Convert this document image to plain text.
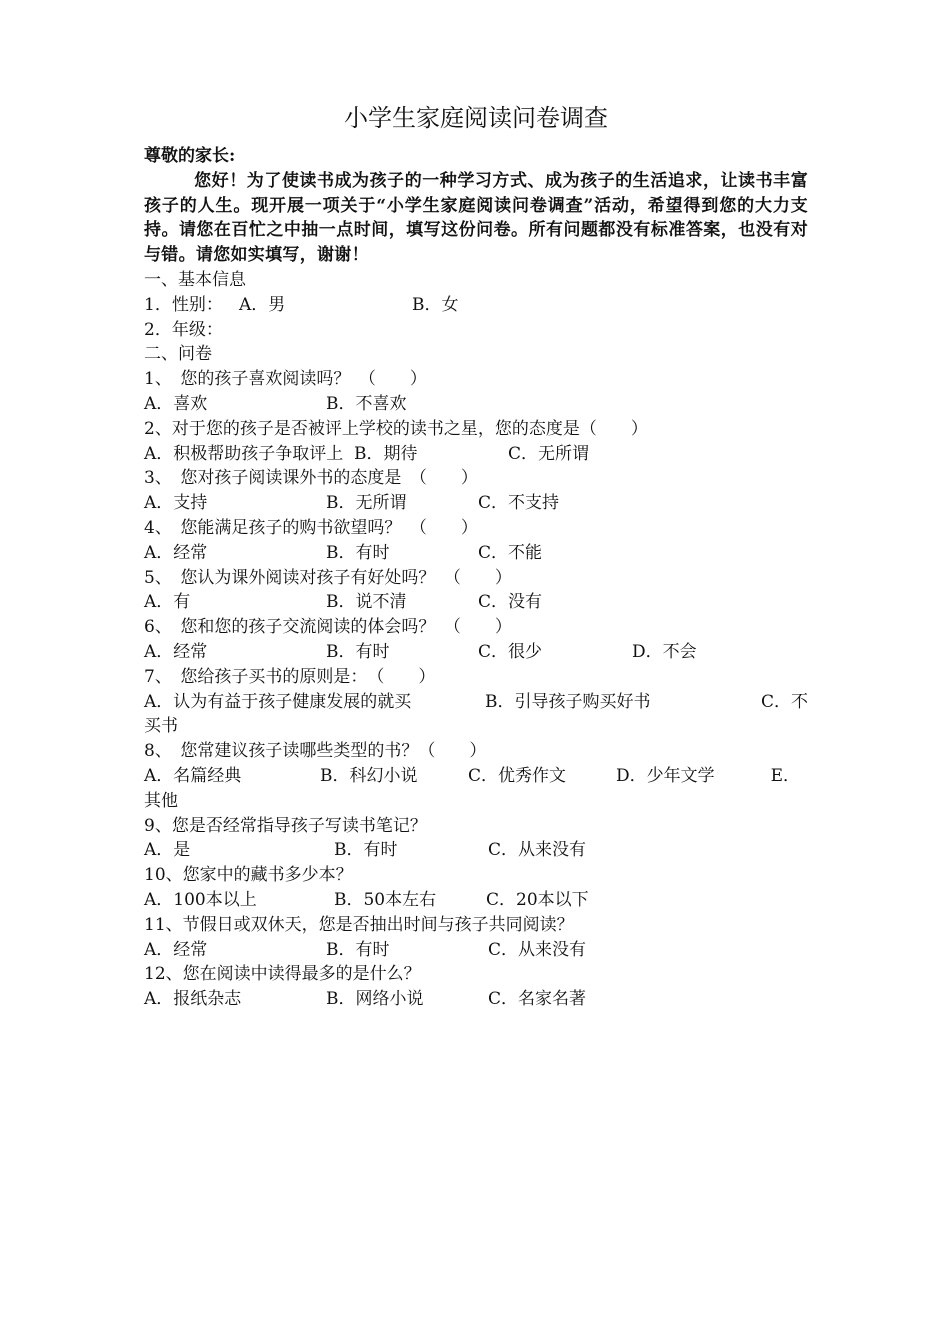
小学生家庭阅读问卷调查
尊敬的家长:

您好！为了使读书成为孩子的一种学习方式、成为孩子的生活追求，让读书丰富孩子的人生。现开展一项关于“小学生家庭阅读问卷调查”活动，希望得到您的大力支持。请您在百忙之中抽一点时间，填写这份问卷。所有问题都没有标准答案，也没有对与错。请您如实填写，谢谢！

一、基本信息
1．性别： A．男	B．女
2．年级：
二、问卷
1、　您的孩子喜欢阅读吗？　（　　）
A．喜欢	B．不喜欢
2、对于您的孩子是否被评上学校的读书之星，您的态度是（　　）
A．积极帮助孩子争取评上 B．期待	C．无所谓
3、　您对孩子阅读课外书的态度是　（　　）
A．支持	B．无所谓	C．不支持
4、　您能满足孩子的购书欲望吗？　（　　）
A．经常	B．有时	C．不能
5、　您认为课外阅读对孩子有好处吗？　（　　）
A．有	B．说不清	C．没有
6、　您和您的孩子交流阅读的体会吗？　（　　）
A．经常	B．有时	C．很少	D．不会
7、　您给孩子买书的原则是：　（　　）
A．认为有益于孩子健康发展的就买	B．引导孩子购买好书	C．不
买书
8、　您常建议孩子读哪些类型的书？（　　）
A．名篇经典	B．科幻小说	C．优秀作文	D．少年文学	E．
其他
9、您是否经常指导孩子写读书笔记？
A．是	B．有时	C．从来没有
10、您家中的藏书多少本？
A．100本以上	B．50本左右	C．20本以下
11、节假日或双休天，您是否抽出时间与孩子共同阅读？
A．经常	B．有时	C．从来没有
12、您在阅读中读得最多的是什么？
A．报纸杂志	B．网络小说	C．名家名著
